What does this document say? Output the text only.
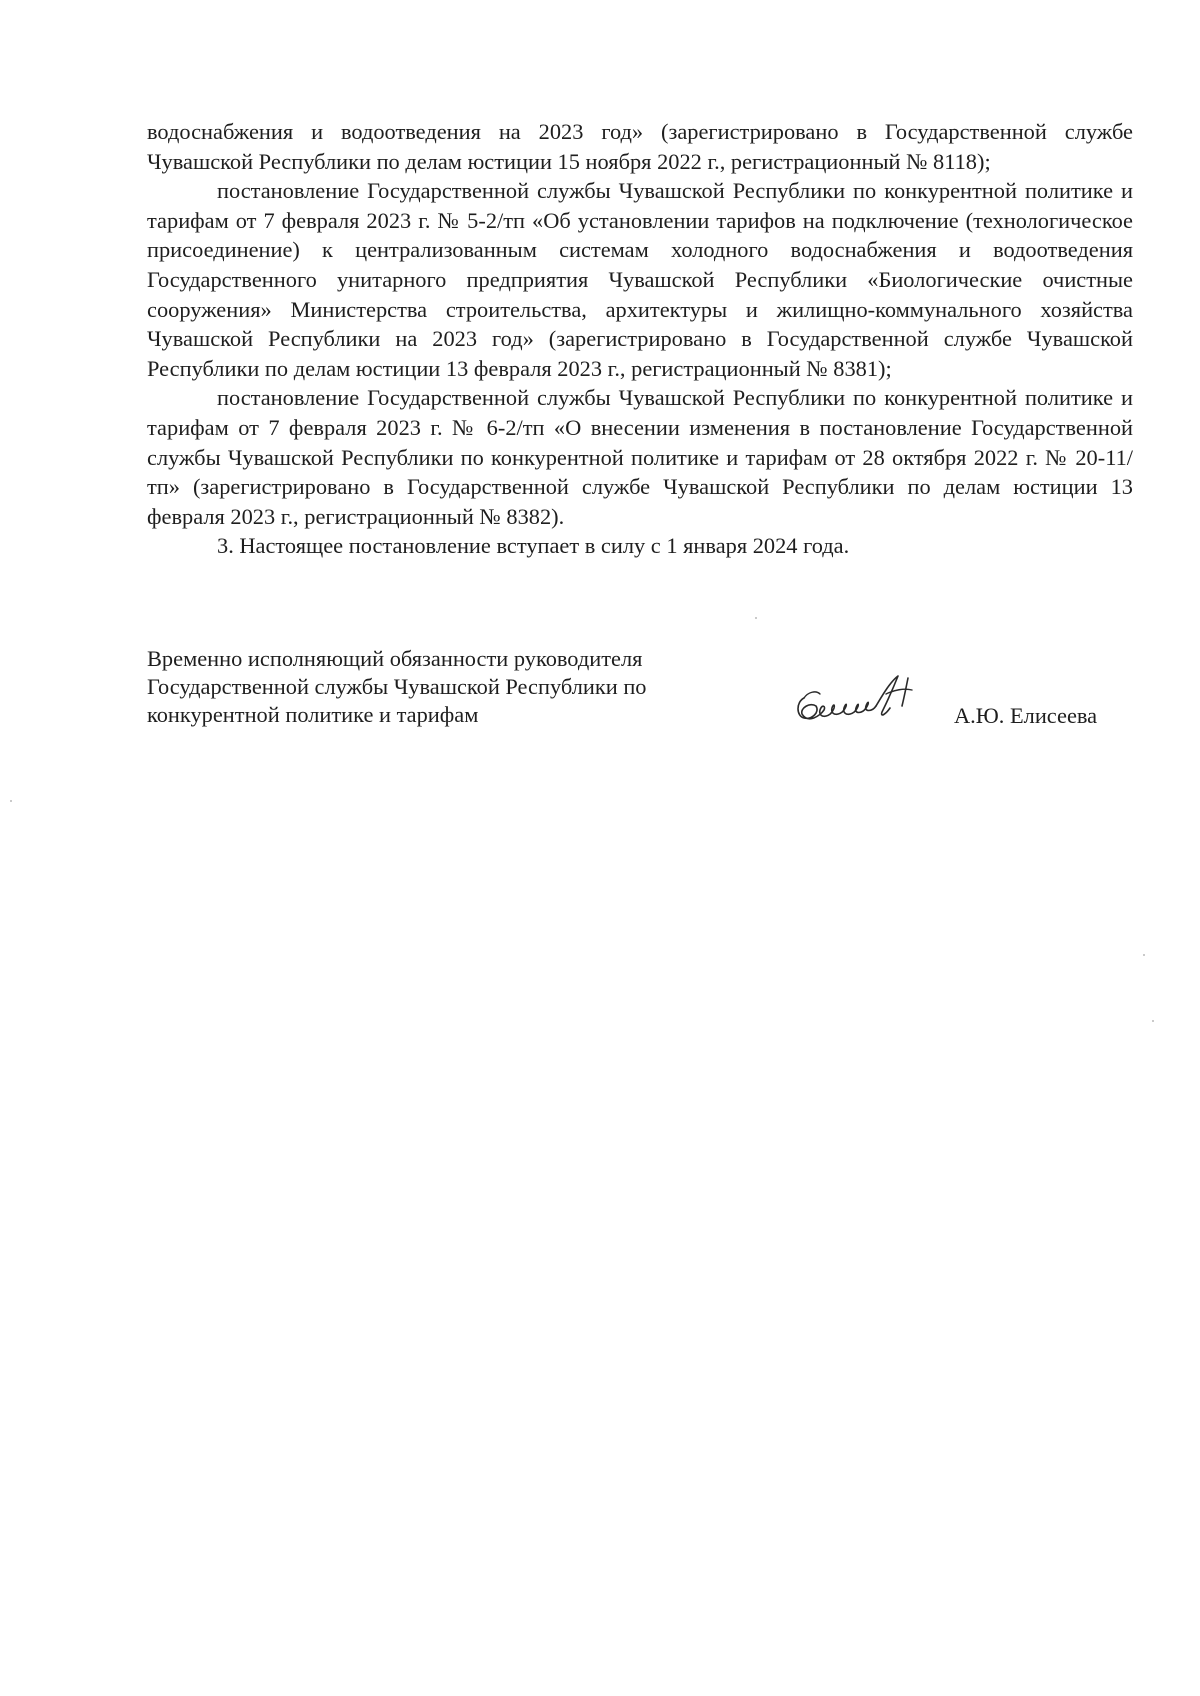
водоснабжения и водоотведения на 2023 год» (зарегистрировано в Государственной службе Чувашской Республики по делам юстиции 15 ноября 2022 г., регистрационный № 8118);

постановление Государственной службы Чувашской Республики по конкурентной политике и тарифам от 7 февраля 2023 г. № 5-2/тп «Об установлении тарифов на подключение (технологическое присоединение) к централизованным системам холодного водоснабжения и водоотведения Государственного унитарного предприятия Чувашской Республики «Биологические очистные сооружения» Министерства строительства, архитектуры и жилищно-коммунального хозяйства Чувашской Республики на 2023 год» (зарегистрировано в Государственной службе Чувашской Республики по делам юстиции 13 февраля 2023 г., регистрационный № 8381);

постановление Государственной службы Чувашской Республики по конкурентной политике и тарифам от 7 февраля 2023 г. № 6-2/тп «О внесении изменения в постановление Государственной службы Чувашской Республики по конкурентной политике и тарифам от 28 октября 2022 г. № 20-11/тп» (зарегистрировано в Государственной службе Чувашской Республики по делам юстиции 13 февраля 2023 г., регистрационный № 8382).

3. Настоящее постановление вступает в силу с 1 января 2024 года.

Временно исполняющий обязанности руководителя
Государственной службы Чувашской Республики по
конкурентной политике и тарифам	А.Ю. Елисеева
